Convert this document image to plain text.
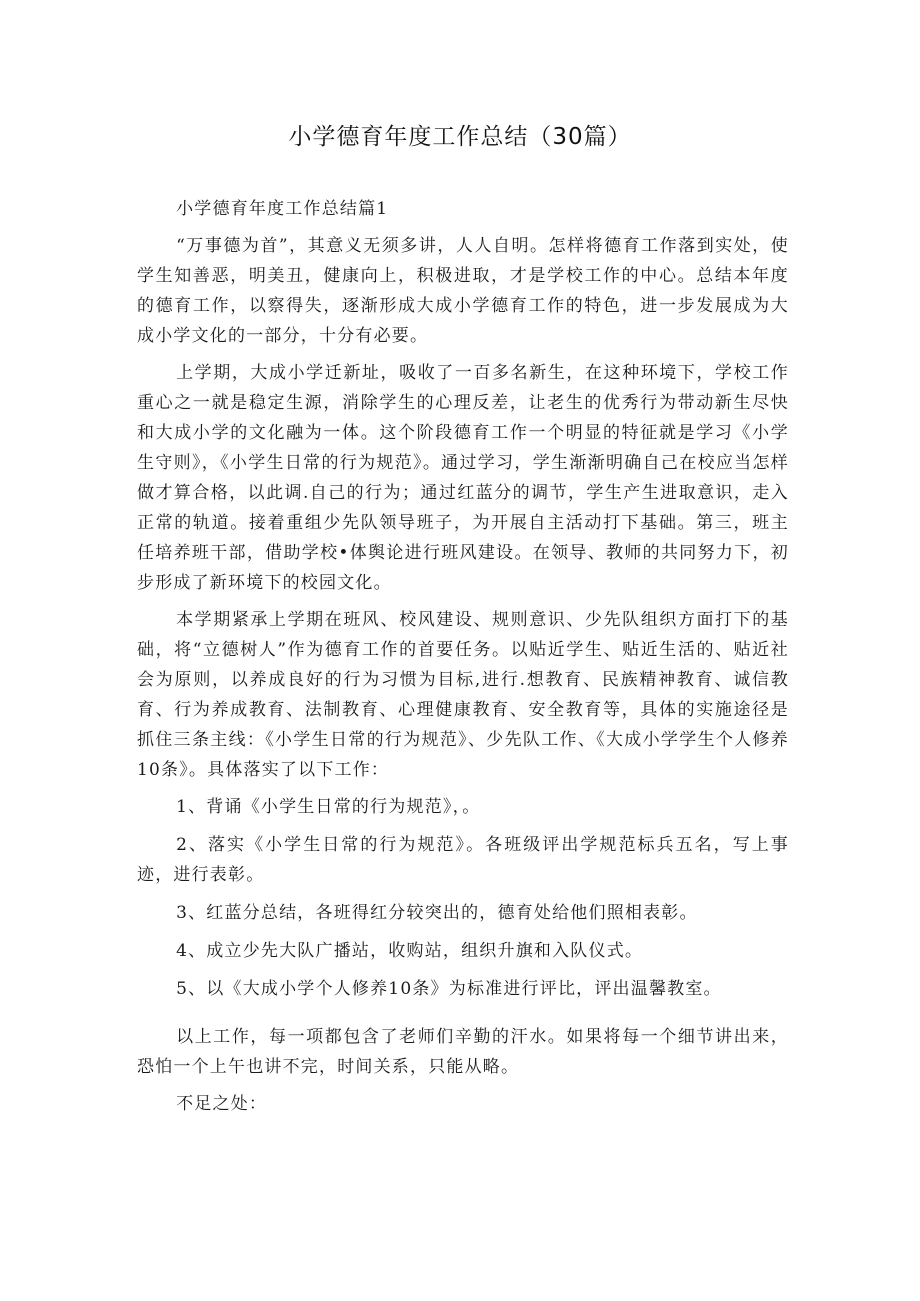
小学德育年度工作总结（30篇）

小学德育年度工作总结篇1

“万事德为首”，其意义无须多讲，人人自明。怎样将德育工作落到实处，使学生知善恶，明美丑，健康向上，积极进取，才是学校工作的中心。总结本年度的德育工作，以察得失，逐渐形成大成小学德育工作的特色，进一步发展成为大成小学文化的一部分，十分有必要。

上学期，大成小学迁新址，吸收了一百多名新生，在这种环境下，学校工作重心之一就是稳定生源，消除学生的心理反差，让老生的优秀行为带动新生尽快和大成小学的文化融为一体。这个阶段德育工作一个明显的特征就是学习《小学生守则》，《小学生日常的行为规范》。通过学习，学生渐渐明确自己在校应当怎样做才算合格，以此调.自己的行为；通过红蓝分的调节，学生产生进取意识，走入正常的轨道。接着重组少先队领导班子，为开展自主活动打下基础。第三，班主任培养班干部，借助学校•体舆论进行班风建设。在领导、教师的共同努力下，初步形成了新环境下的校园文化。

本学期紧承上学期在班风、校风建设、规则意识、少先队组织方面打下的基础，将“立德树人”作为德育工作的首要任务。以贴近学生、贴近生活的、贴近社会为原则，以养成良好的行为习惯为目标,进行.想教育、民族精神教育、诚信教育、行为养成教育、法制教育、心理健康教育、安全教育等，具体的实施途径是抓住三条主线：《小学生日常的行为规范》、少先队工作、《大成小学学生个人修养10条》。具体落实了以下工作：

1、背诵《小学生日常的行为规范》，。

2、落实《小学生日常的行为规范》。各班级评出学规范标兵五名，写上事迹，进行表彰。

3、红蓝分总结，各班得红分较突出的，德育处给他们照相表彰。

4、成立少先大队广播站，收购站，组织升旗和入队仪式。

5、以《大成小学个人修养10条》为标准进行评比，评出温馨教室。

以上工作，每一项都包含了老师们辛勤的汗水。如果将每一个细节讲出来，恐怕一个上午也讲不完，时间关系，只能从略。

不足之处：
